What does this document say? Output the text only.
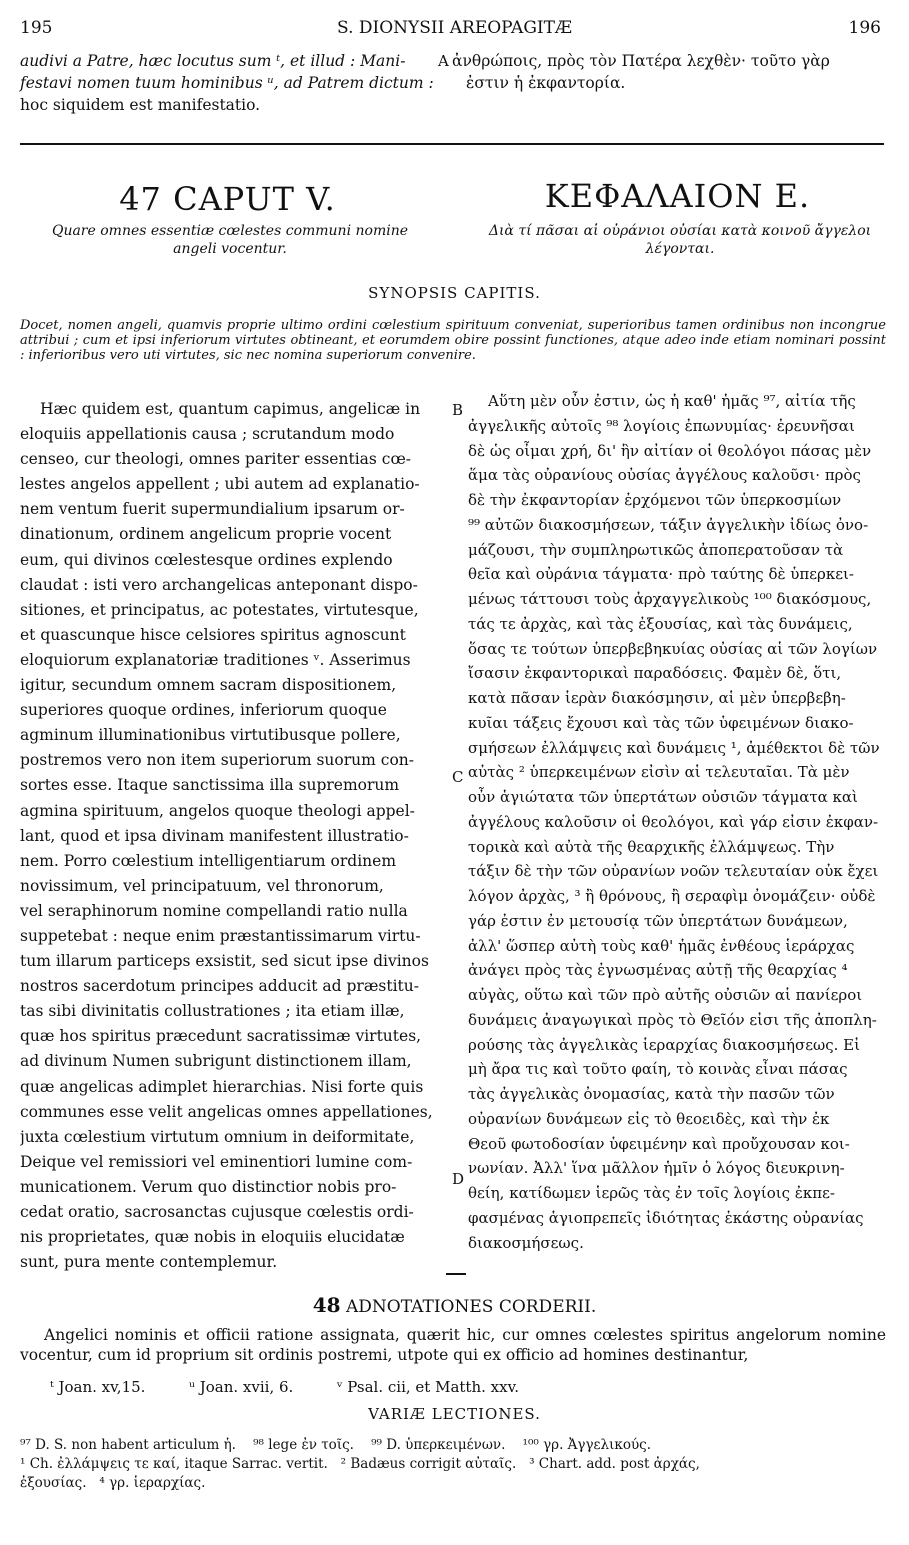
195	S. DIONYSII AREOPAGITÆ	196
audivi a Patre, hæc locutus sum ᵗ, et illud : Mani-
festavi nomen tuum hominibus ᵘ, ad Patrem dictum :
hoc siquidem est manifestatio.
A ἀνθρώποις, πρὸς τὸν Πατέρα λεχθὲν· τοῦτο γὰρ
ἐστιν ἡ ἐκφαντορία.
47 CAPUT V.
Quare omnes essentiæ cœlestes communi nomine angeli vocentur.
ΚΕΦΑΛΑΙΟΝ Ε.
Διὰ τί πᾶσαι αἱ οὐράνιοι οὐσίαι κατὰ κοινοῦ ἄγγελοι λέγονται.
SYNOPSIS CAPITIS.
Docet, nomen angeli, quamvis proprie ultimo ordini cœlestium spirituum conveniat, superioribus tamen ordinibus non incongrue attribui ; cum et ipsi inferiorum virtutes obtineant, et eorumdem obire possint functiones, atque adeo inde etiam nominari possint : inferioribus vero uti virtutes, sic nec nomina superiorum convenire.
Hæc quidem est, quantum capimus, angelicæ in
eloquiis appellationis causa ; scrutandum modo
censeo, cur theologi, omnes pariter essentias cœ-
lestes angelos appellent ; ubi autem ad explanatio-
nem ventum fuerit supermundialium ipsarum or-
dinationum, ordinem angelicum proprie vocent
eum, qui divinos cœlestesque ordines explendo
claudat : isti vero archangelicas anteponant dispo-
sitiones, et principatus, ac potestates, virtutesque,
et quascunque hisce celsiores spiritus agnoscunt
eloquiorum explanatoriæ traditiones ᵛ. Asserimus
igitur, secundum omnem sacram dispositionem,
superiores quoque ordines, inferiorum quoque
agminum illuminationibus virtutibusque pollere,
postremos vero non item superiorum suorum con-
sortes esse. Itaque sanctissima illa supremorum
agmina spirituum, angelos quoque theologi appel-
lant, quod et ipsa divinam manifestent illustratio-
nem. Porro cœlestium intelligentiarum ordinem
novissimum, vel principatuum, vel thronorum,
vel seraphinorum nomine compellandi ratio nulla
suppetebat : neque enim præstantissimarum virtu-
tum illarum particeps exsistit, sed sicut ipse divinos
nostros sacerdotum principes adducit ad præstitu-
tas sibi divinitatis collustrationes ; ita etiam illæ,
quæ hos spiritus præcedunt sacratissimæ virtutes,
ad divinum Numen subrigunt distinctionem illam,
quæ angelicas adimplet hierarchias. Nisi forte quis
communes esse velit angelicas omnes appellationes,
juxta cœlestium virtutum omnium in deiformitate,
Deique vel remissiori vel eminentiori lumine com-
municationem. Verum quo distinctior nobis pro-
cedat oratio, sacrosanctas cujusque cœlestis ordi-
nis proprietates, quæ nobis in eloquiis elucidatæ
sunt, pura mente contemplemur.
B
C
D
Αὕτη μὲν οὖν ἐστιν, ὡς ἡ καθ' ἡμᾶς ⁹⁷, αἰτία τῆς
ἀγγελικῆς αὐτοῖς ⁹⁸ λογίοις ἐπωνυμίας· ἐρευνῆσαι
δὲ ὡς οἶμαι χρή, δι' ἣν αἰτίαν οἱ θεολόγοι πάσας μὲν
ἅμα τὰς οὐρανίους οὐσίας ἀγγέλους καλοῦσι· πρὸς
δὲ τὴν ἐκφαντορίαν ἐρχόμενοι τῶν ὑπερκοσμίων
⁹⁹ αὐτῶν διακοσμήσεων, τάξιν ἀγγελικὴν ἰδίως ὀνο-
μάζουσι, τὴν συμπληρωτικῶς ἀποπερατοῦσαν τὰ
θεῖα καὶ οὐράνια τάγματα· πρὸ ταύτης δὲ ὑπερκει-
μένως τάττουσι τοὺς ἀρχαγγελικοὺς ¹⁰⁰ διακόσμους,
τάς τε ἀρχὰς, καὶ τὰς ἐξουσίας, καὶ τὰς δυνάμεις,
ὅσας τε τούτων ὑπερβεβηκυίας οὐσίας αἱ τῶν λογίων
ἴσασιν ἐκφαντορικαὶ παραδόσεις. Φαμὲν δὲ, ὅτι,
κατὰ πᾶσαν ἱερὰν διακόσμησιν, αἱ μὲν ὑπερβεβη-
κυῖαι τάξεις ἔχουσι καὶ τὰς τῶν ὑφειμένων διακο-
σμήσεων ἐλλάμψεις καὶ δυνάμεις ¹, ἀμέθεκτοι δὲ τῶν
αὐτὰς ² ὑπερκειμένων εἰσὶν αἱ τελευταῖαι. Τὰ μὲν
οὖν ἁγιώτατα τῶν ὑπερτάτων οὐσιῶν τάγματα καὶ
ἀγγέλους καλοῦσιν οἱ θεολόγοι, καὶ γάρ εἰσιν ἐκφαν-
τορικὰ καὶ αὐτὰ τῆς θεαρχικῆς ἐλλάμψεως. Τὴν
τάξιν δὲ τὴν τῶν οὐρανίων νοῶν τελευταίαν οὐκ ἔχει
λόγον ἀρχὰς, ³ ἢ θρόνους, ἢ σεραφὶμ ὀνομάζειν· οὐδὲ
γάρ ἐστιν ἐν μετουσίᾳ τῶν ὑπερτάτων δυνάμεων,
ἀλλ' ὥσπερ αὐτὴ τοὺς καθ' ἡμᾶς ἐνθέους ἱεράρχας
ἀνάγει πρὸς τὰς ἐγνωσμένας αὐτῇ τῆς θεαρχίας ⁴
αὐγὰς, οὕτω καὶ τῶν πρὸ αὐτῆς οὐσιῶν αἱ πανίεροι
δυνάμεις ἀναγωγικαὶ πρὸς τὸ Θεῖόν εἰσι τῆς ἀποπλη-
ρούσης τὰς ἀγγελικὰς ἱεραρχίας διακοσμήσεως. Εἰ
μὴ ἄρα τις καὶ τοῦτο φαίη, τὸ κοινὰς εἶναι πάσας
τὰς ἀγγελικὰς ὀνομασίας, κατὰ τὴν πασῶν τῶν
οὐρανίων δυνάμεων εἰς τὸ θεοειδὲς, καὶ τὴν ἐκ
Θεοῦ φωτοδοσίαν ὑφειμένην καὶ προὔχουσαν κοι-
νωνίαν. Ἀλλ' ἵνα μᾶλλον ἡμῖν ὁ λόγος διευκρινη-
θείη, κατίδωμεν ἱερῶς τὰς ἐν τοῖς λογίοις ἐκπε-
φασμένας ἁγιοπρεπεῖς ἰδιότητας ἑκάστης οὐρανίας
διακοσμήσεως.
48 ADNOTATIONES CORDERII.
Angelici nominis et officii ratione assignata, quærit hic, cur omnes cœlestes spiritus angelorum nomine vocentur, cum id proprium sit ordinis postremi, utpote qui ex officio ad homines destinantur,
ᵗ Joan. xv,15.	ᵘ Joan. xvii, 6.	ᵛ Psal. cii, et Matth. xxv.
VARIÆ LECTIONES.
⁹⁷ D. S. non habent articulum ἡ.    ⁹⁸ lege ἐν τοῖς.    ⁹⁹ D. ὑπερκειμένων.    ¹⁰⁰ γρ. Ἀγγελικούς.
¹ Ch. ἐλλάμψεις τε καί, itaque Sarrac. vertit.   ² Badæus corrigit αὐταῖς.   ³ Chart. add. post ἀρχάς,
ἐξουσίας.   ⁴ γρ. ἱεραρχίας.
